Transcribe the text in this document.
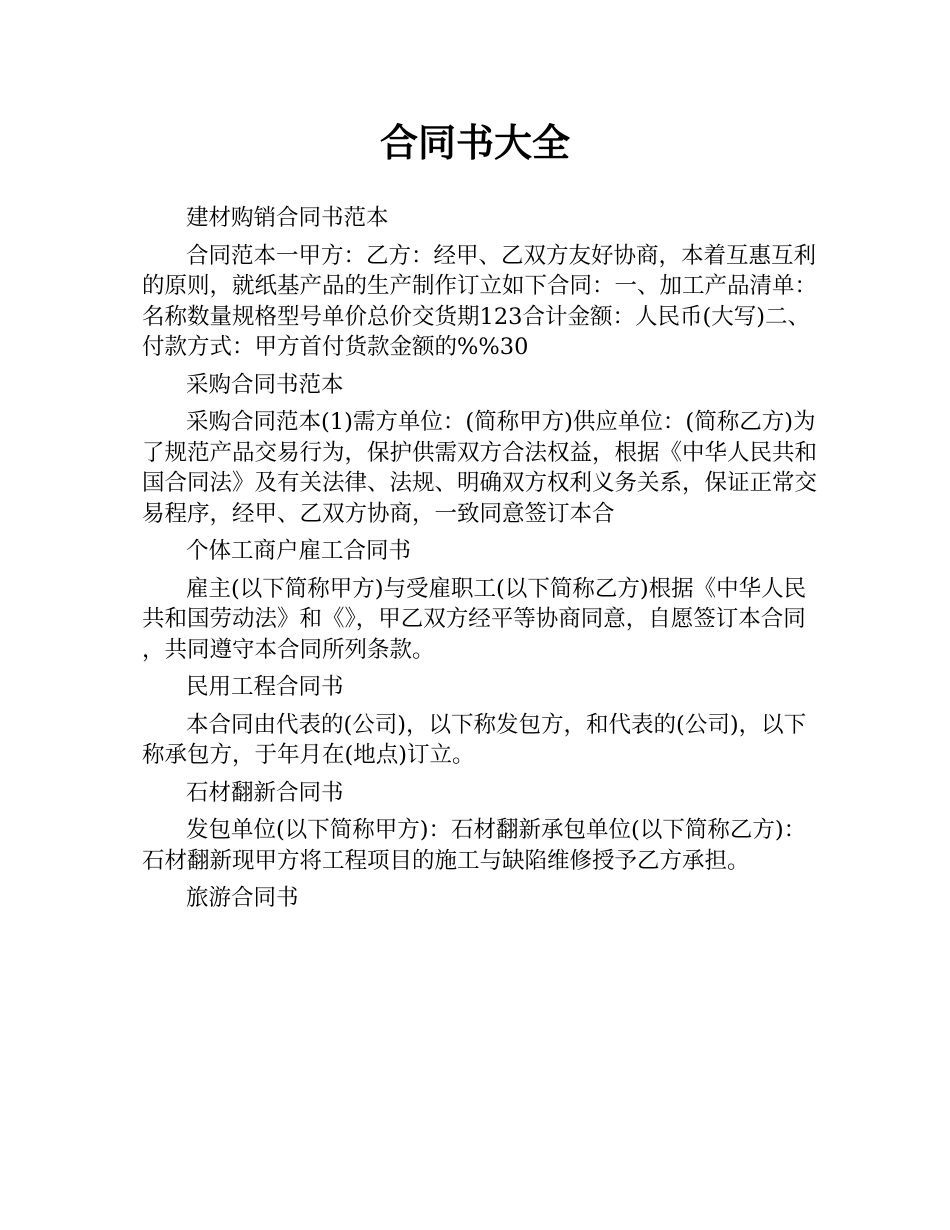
合同书大全

建材购销合同书范本

合同范本一甲方：乙方：经甲、乙双方友好协商，本着互惠互利的原则，就纸基产品的生产制作订立如下合同：一、加工产品清单：名称数量规格型号单价总价交货期123合计金额：人民币(大写)二、付款方式：甲方首付货款金额的%%30

采购合同书范本

采购合同范本(1)需方单位：(简称甲方)供应单位：(简称乙方)为了规范产品交易行为，保护供需双方合法权益，根据《中华人民共和国合同法》及有关法律、法规、明确双方权利义务关系，保证正常交易程序，经甲、乙双方协商，一致同意签订本合

个体工商户雇工合同书

雇主(以下简称甲方)与受雇职工(以下简称乙方)根据《中华人民共和国劳动法》和《》，甲乙双方经平等协商同意，自愿签订本合同，共同遵守本合同所列条款。

民用工程合同书

本合同由代表的(公司)，以下称发包方，和代表的(公司)，以下称承包方，于年月在(地点)订立。

石材翻新合同书

发包单位(以下简称甲方)：石材翻新承包单位(以下简称乙方)：石材翻新现甲方将工程项目的施工与缺陷维修授予乙方承担。

旅游合同书
